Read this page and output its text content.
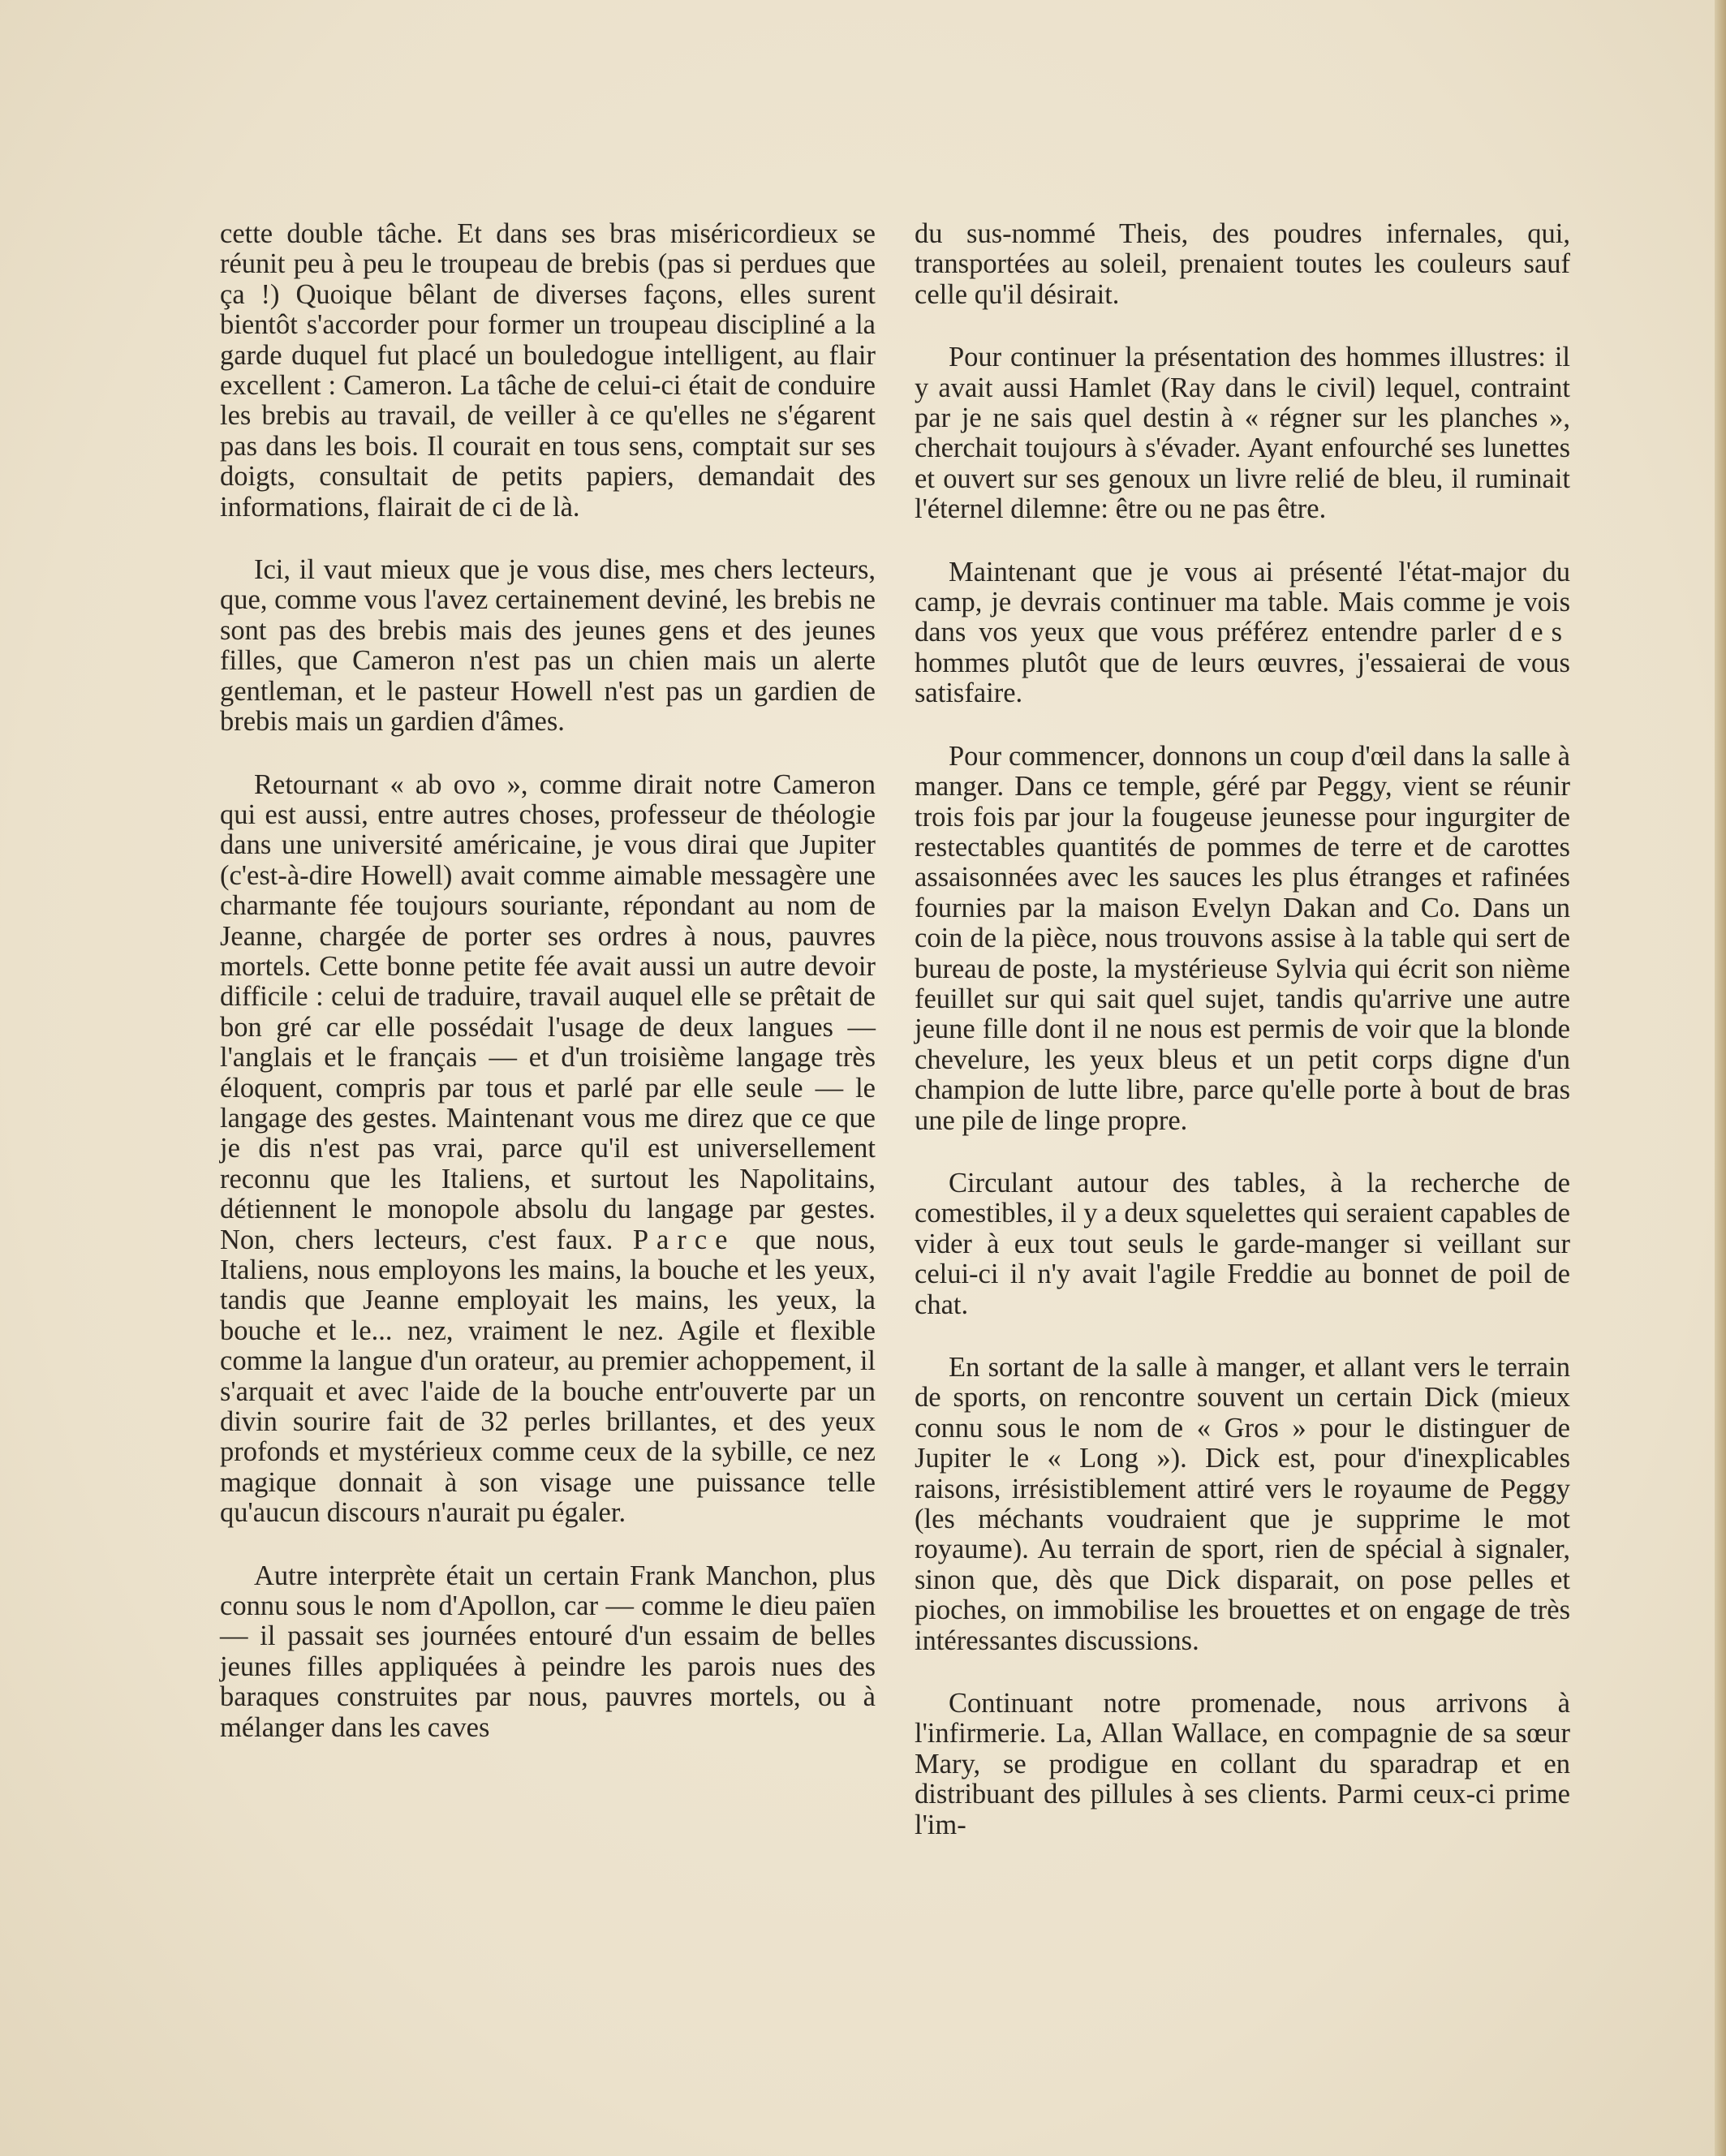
cette double tâche. Et dans ses bras miséricordieux se réunit peu à peu le troupeau de brebis (pas si perdues que ça !) Quoique bêlant de diverses façons, elles surent bientôt s'accorder pour former un troupeau discipliné a la garde duquel fut placé un bouledogue intelligent, au flair excellent : Cameron. La tâche de celui-ci était de conduire les brebis au travail, de veiller à ce qu'elles ne s'égarent pas dans les bois. Il courait en tous sens, comptait sur ses doigts, consultait de petits papiers, demandait des informations, flairait de ci de là.

Ici, il vaut mieux que je vous dise, mes chers lecteurs, que, comme vous l'avez certainement deviné, les brebis ne sont pas des brebis mais des jeunes gens et des jeunes filles, que Cameron n'est pas un chien mais un alerte gentleman, et le pasteur Howell n'est pas un gardien de brebis mais un gardien d'âmes.

Retournant « ab ovo », comme dirait notre Cameron qui est aussi, entre autres choses, professeur de théologie dans une université américaine, je vous dirai que Jupiter (c'est-à-dire Howell) avait comme aimable messagère une charmante fée toujours souriante, répondant au nom de Jeanne, chargée de porter ses ordres à nous, pauvres mortels. Cette bonne petite fée avait aussi un autre devoir difficile : celui de traduire, travail auquel elle se prêtait de bon gré car elle possédait l'usage de deux langues — l'anglais et le français — et d'un troisième langage très éloquent, compris par tous et parlé par elle seule — le langage des gestes. Maintenant vous me direz que ce que je dis n'est pas vrai, parce qu'il est universellement reconnu que les Italiens, et surtout les Napolitains, détiennent le monopole absolu du langage par gestes. Non, chers lecteurs, c'est faux. Parce que nous, Italiens, nous employons les mains, la bouche et les yeux, tandis que Jeanne employait les mains, les yeux, la bouche et le... nez, vraiment le nez. Agile et flexible comme la langue d'un orateur, au premier achoppement, il s'arquait et avec l'aide de la bouche entr'ouverte par un divin sourire fait de 32 perles brillantes, et des yeux profonds et mystérieux comme ceux de la sybille, ce nez magique donnait à son visage une puissance telle qu'aucun discours n'aurait pu égaler.

Autre interprète était un certain Frank Manchon, plus connu sous le nom d'Apollon, car — comme le dieu païen — il passait ses journées entouré d'un essaim de belles jeunes filles appliquées à peindre les parois nues des baraques construites par nous, pauvres mortels, ou à mélanger dans les caves

du sus-nommé Theis, des poudres infernales, qui, transportées au soleil, prenaient toutes les couleurs sauf celle qu'il désirait.

Pour continuer la présentation des hommes illustres: il y avait aussi Hamlet (Ray dans le civil) lequel, contraint par je ne sais quel destin à « régner sur les planches », cherchait toujours à s'évader. Ayant enfourché ses lunettes et ouvert sur ses genoux un livre relié de bleu, il ruminait l'éternel dilemne: être ou ne pas être.

Maintenant que je vous ai présenté l'état-major du camp, je devrais continuer ma table. Mais comme je vois dans vos yeux que vous préférez entendre parler des hommes plutôt que de leurs œuvres, j'essaierai de vous satisfaire.

Pour commencer, donnons un coup d'œil dans la salle à manger. Dans ce temple, géré par Peggy, vient se réunir trois fois par jour la fougeuse jeunesse pour ingurgiter de restectables quantités de pommes de terre et de carottes assaisonnées avec les sauces les plus étranges et rafinées fournies par la maison Evelyn Dakan and Co. Dans un coin de la pièce, nous trouvons assise à la table qui sert de bureau de poste, la mystérieuse Sylvia qui écrit son nième feuillet sur qui sait quel sujet, tandis qu'arrive une autre jeune fille dont il ne nous est permis de voir que la blonde chevelure, les yeux bleus et un petit corps digne d'un champion de lutte libre, parce qu'elle porte à bout de bras une pile de linge propre.

Circulant autour des tables, à la recherche de comestibles, il y a deux squelettes qui seraient capables de vider à eux tout seuls le garde-manger si veillant sur celui-ci il n'y avait l'agile Freddie au bonnet de poil de chat.

En sortant de la salle à manger, et allant vers le terrain de sports, on rencontre souvent un certain Dick (mieux connu sous le nom de « Gros » pour le distinguer de Jupiter le « Long »). Dick est, pour d'inexplicables raisons, irrésistiblement attiré vers le royaume de Peggy (les méchants voudraient que je supprime le mot royaume). Au terrain de sport, rien de spécial à signaler, sinon que, dès que Dick disparait, on pose pelles et pioches, on immobilise les brouettes et on engage de très intéressantes discussions.

Continuant notre promenade, nous arrivons à l'infirmerie. La, Allan Wallace, en compagnie de sa sœur Mary, se prodigue en collant du sparadrap et en distribuant des pillules à ses clients. Parmi ceux-ci prime l'im-
